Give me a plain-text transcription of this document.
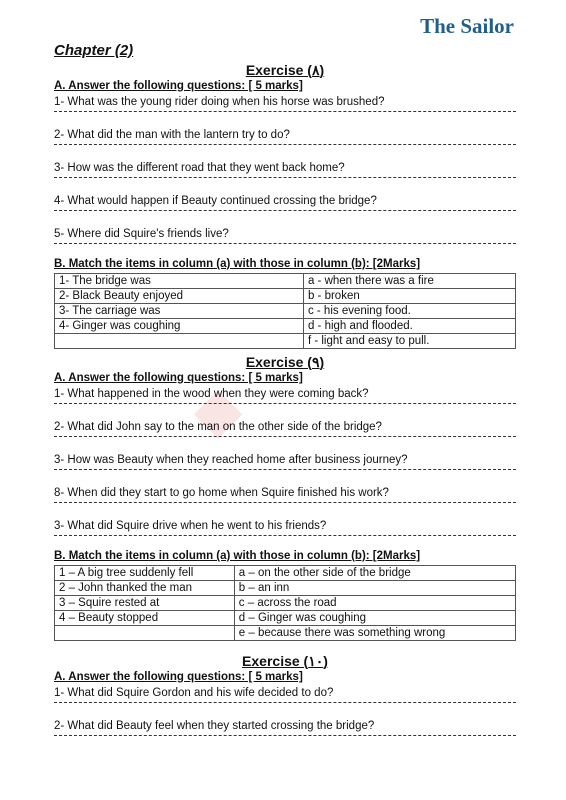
The Sailor
Chapter (2)
◆
Exercise (٨)
A. Answer the following questions: [ 5 marks]
1- What was the young rider doing when his horse was brushed?
2- What did the man with the lantern try to do?
3- How was the different road that they went back home?
4- What would happen if Beauty continued crossing the bridge?
5- Where did Squire's friends live?
B. Match the items in column (a) with those in column (b): [2Marks]
1- The bridge was	a - when there was a fire
2- Black Beauty enjoyed	b - broken
3- The carriage was	c - his evening food.
4- Ginger was coughing	d - high and flooded.
	f - light and easy to pull.
Exercise (٩)
A. Answer the following questions: [ 5 marks]
1- What happened in the wood when they were coming back?
2- What did John say to the man on the other side of the bridge?
3- How was Beauty when they reached home after business journey?
8- When did they start to go home when Squire finished his work?
3- What did Squire drive when he went to his friends?
B. Match the items in column (a) with those in column (b): [2Marks]
1 – A big tree suddenly fell	a – on the other side of the bridge
2 – John thanked the man	b – an inn
3 – Squire rested at	c – across the road
4 – Beauty stopped	d – Ginger was coughing
	e – because there was something wrong
Exercise (١٠)
A. Answer the following questions: [ 5 marks]
1- What did Squire Gordon and his wife decided to do?
2- What did Beauty feel when they started crossing the bridge?
